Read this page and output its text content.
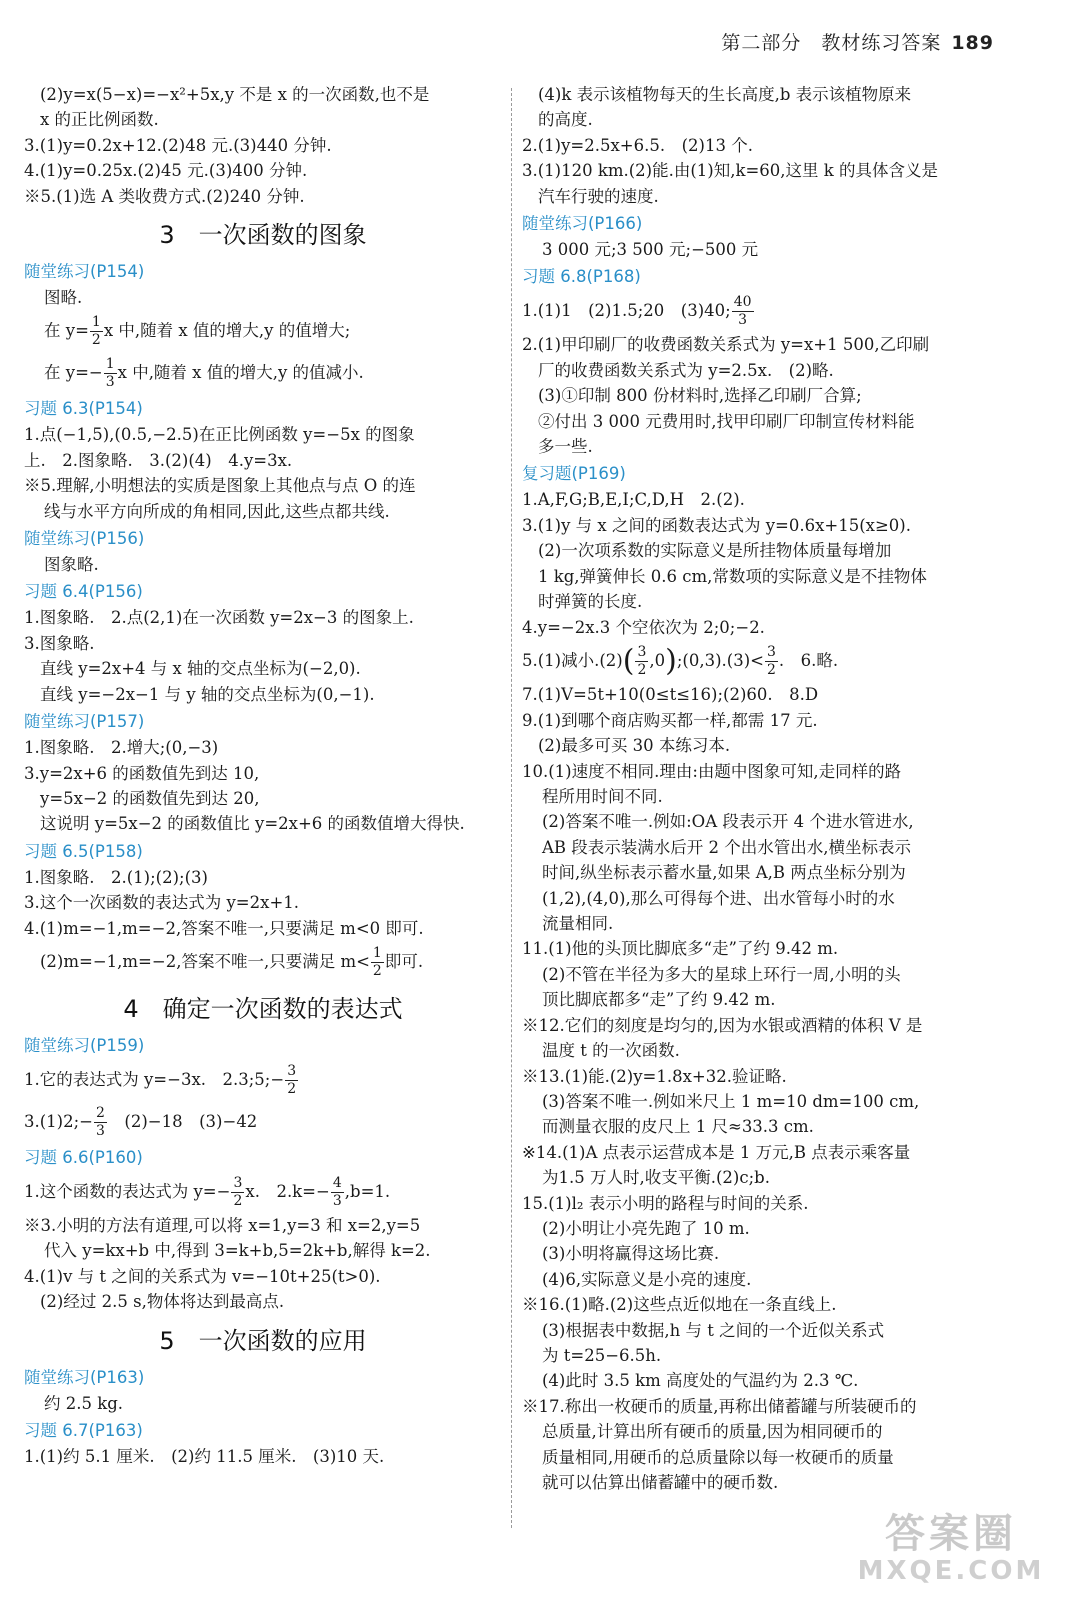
第二部分　教材练习答案 189
(2)y=x(5−x)=−x²+5x,y 不是 x 的一次函数,也不是
x 的正比例函数.
3.(1)y=0.2x+12.(2)48 元.(3)440 分钟.
4.(1)y=0.25x.(2)45 元.(3)400 分钟.
※5.(1)选 A 类收费方式.(2)240 分钟.
3　一次函数的图象
随堂练习(P154)
图略.
在 $y= \frac{1}{2}$ x 中,随着 x 值的增大,y 的值增大;
在 $y=- \frac{1}{3}$ x 中,随着 x 值的增大,y 的值减小.
习题 6.3(P154)
1.点(−1,5),(0.5,−2.5)在正比例函数 y=−5x 的图象
上.　2.图象略.　3.(2)(4)　4.y=3x.
※5.理解,小明想法的实质是图象上其他点与点 O 的连
线与水平方向所成的角相同,因此,这些点都共线.
随堂练习(P156)
图象略.
习题 6.4(P156)
1.图象略.　2.点(2,1)在一次函数 y=2x−3 的图象上.
3.图象略.
直线 y=2x+4 与 x 轴的交点坐标为(−2,0).
直线 y=−2x−1 与 y 轴的交点坐标为(0,−1).
随堂练习(P157)
1.图象略.　2.增大;(0,−3)
3.y=2x+6 的函数值先到达 10,
y=5x−2 的函数值先到达 20,
这说明 y=5x−2 的函数值比 y=2x+6 的函数值增大得快.
习题 6.5(P158)
1.图象略.　2.(1);(2);(3)
3.这个一次函数的表达式为 y=2x+1.
4.(1)m=−1,m=−2,答案不唯一,只要满足 m<0 即可.
(2)m=−1,m=−2,答案不唯一,只要满足 $m< \frac{1}{2}$ 即可.
4　确定一次函数的表达式
随堂练习(P159)
1.它的表达式为 y=−3x.　2.3;5;− $\frac{3}{2}$
3.(1)2;− $\frac{2}{3}$ 　(2)−18　(3)−42
习题 6.6(P160)
1.这个函数的表达式为 $y=- \frac{3}{2} x$.　$2.k=- \frac{4}{3} ,b=1$.
※3.小明的方法有道理,可以将 x=1,y=3 和 x=2,y=5
代入 y=kx+b 中,得到 3=k+b,5=2k+b,解得 k=2.
4.(1)v 与 t 之间的关系式为 v=−10t+25(t>0).
(2)经过 2.5 s,物体将达到最高点.
5　一次函数的应用
随堂练习(P163)
约 2.5 kg.
习题 6.7(P163)
1.(1)约 5.1 厘米.　(2)约 11.5 厘米.　(3)10 天.
(4)k 表示该植物每天的生长高度,b 表示该植物原来
的高度.
2.(1)y=2.5x+6.5.　(2)13 个.
3.(1)120 km.(2)能.由(1)知,k=60,这里 k 的具体含义是
汽车行驶的速度.
随堂练习(P166)
3 000 元;3 500 元;−500 元
习题 6.8(P168)
1.(1)1　(2)1.5;20　(3)40; $\frac{40}{3}$
2.(1)甲印刷厂的收费函数关系式为 y=x+1 500,乙印刷
厂的收费函数关系式为 y=2.5x.　(2)略.
(3)①印制 800 份材料时,选择乙印刷厂合算;
②付出 3 000 元费用时,找甲印刷厂印制宣传材料能
多一些.
复习题(P169)
1.A,F,G;B,E,I;C,D,H　2.(2).
3.(1)y 与 x 之间的函数表达式为 y=0.6x+15(x≥0).
(2)一次项系数的实际意义是所挂物体质量每增加
1 kg,弹簧伸长 0.6 cm,常数项的实际意义是不挂物体
时弹簧的长度.
4.y=−2x.3 个空依次为 2;0;−2.
5.(1)减小$.(2)( \frac{3}{2}$ ,0);(0,3).(3)< $\frac{3}{2}$ .　6.略.
7.(1)V=5t+10(0≤t≤16);(2)60.　8.D
9.(1)到哪个商店购买都一样,都需 17 元.
(2)最多可买 30 本练习本.
10.(1)速度不相同.理由:由题中图象可知,走同样的路
程所用时间不同.
(2)答案不唯一.例如:OA 段表示开 4 个进水管进水,
AB 段表示装满水后开 2 个出水管出水,横坐标表示
时间,纵坐标表示蓄水量,如果 A,B 两点坐标分别为
(1,2),(4,0),那么可得每个进、出水管每小时的水
流量相同.
11.(1)他的头顶比脚底多“走”了约 9.42 m.
(2)不管在半径为多大的星球上环行一周,小明的头
顶比脚底都多“走”了约 9.42 m.
※12.它们的刻度是均匀的,因为水银或酒精的体积 V 是
温度 t 的一次函数.
※13.(1)能.(2)y=1.8x+32.验证略.
(3)答案不唯一.例如米尺上 1 m=10 dm=100 cm,
而测量衣服的皮尺上 1 尺≈33.3 cm.
※14.(1)A 点表示运营成本是 1 万元,B 点表示乘客量
为1.5 万人时,收支平衡.(2)c;b.
15.(1)l₂ 表示小明的路程与时间的关系.
(2)小明让小亮先跑了 10 m.
(3)小明将赢得这场比赛.
(4)6,实际意义是小亮的速度.
※16.(1)略.(2)这些点近似地在一条直线上.
(3)根据表中数据,h 与 t 之间的一个近似关系式
为 t=25−6.5h.
(4)此时 3.5 km 高度处的气温约为 2.3 ℃.
※17.称出一枚硬币的质量,再称出储蓄罐与所装硬币的
总质量,计算出所有硬币的质量,因为相同硬币的
质量相同,用硬币的总质量除以每一枚硬币的质量
就可以估算出储蓄罐中的硬币数.
答案圈
MXQE.COM
